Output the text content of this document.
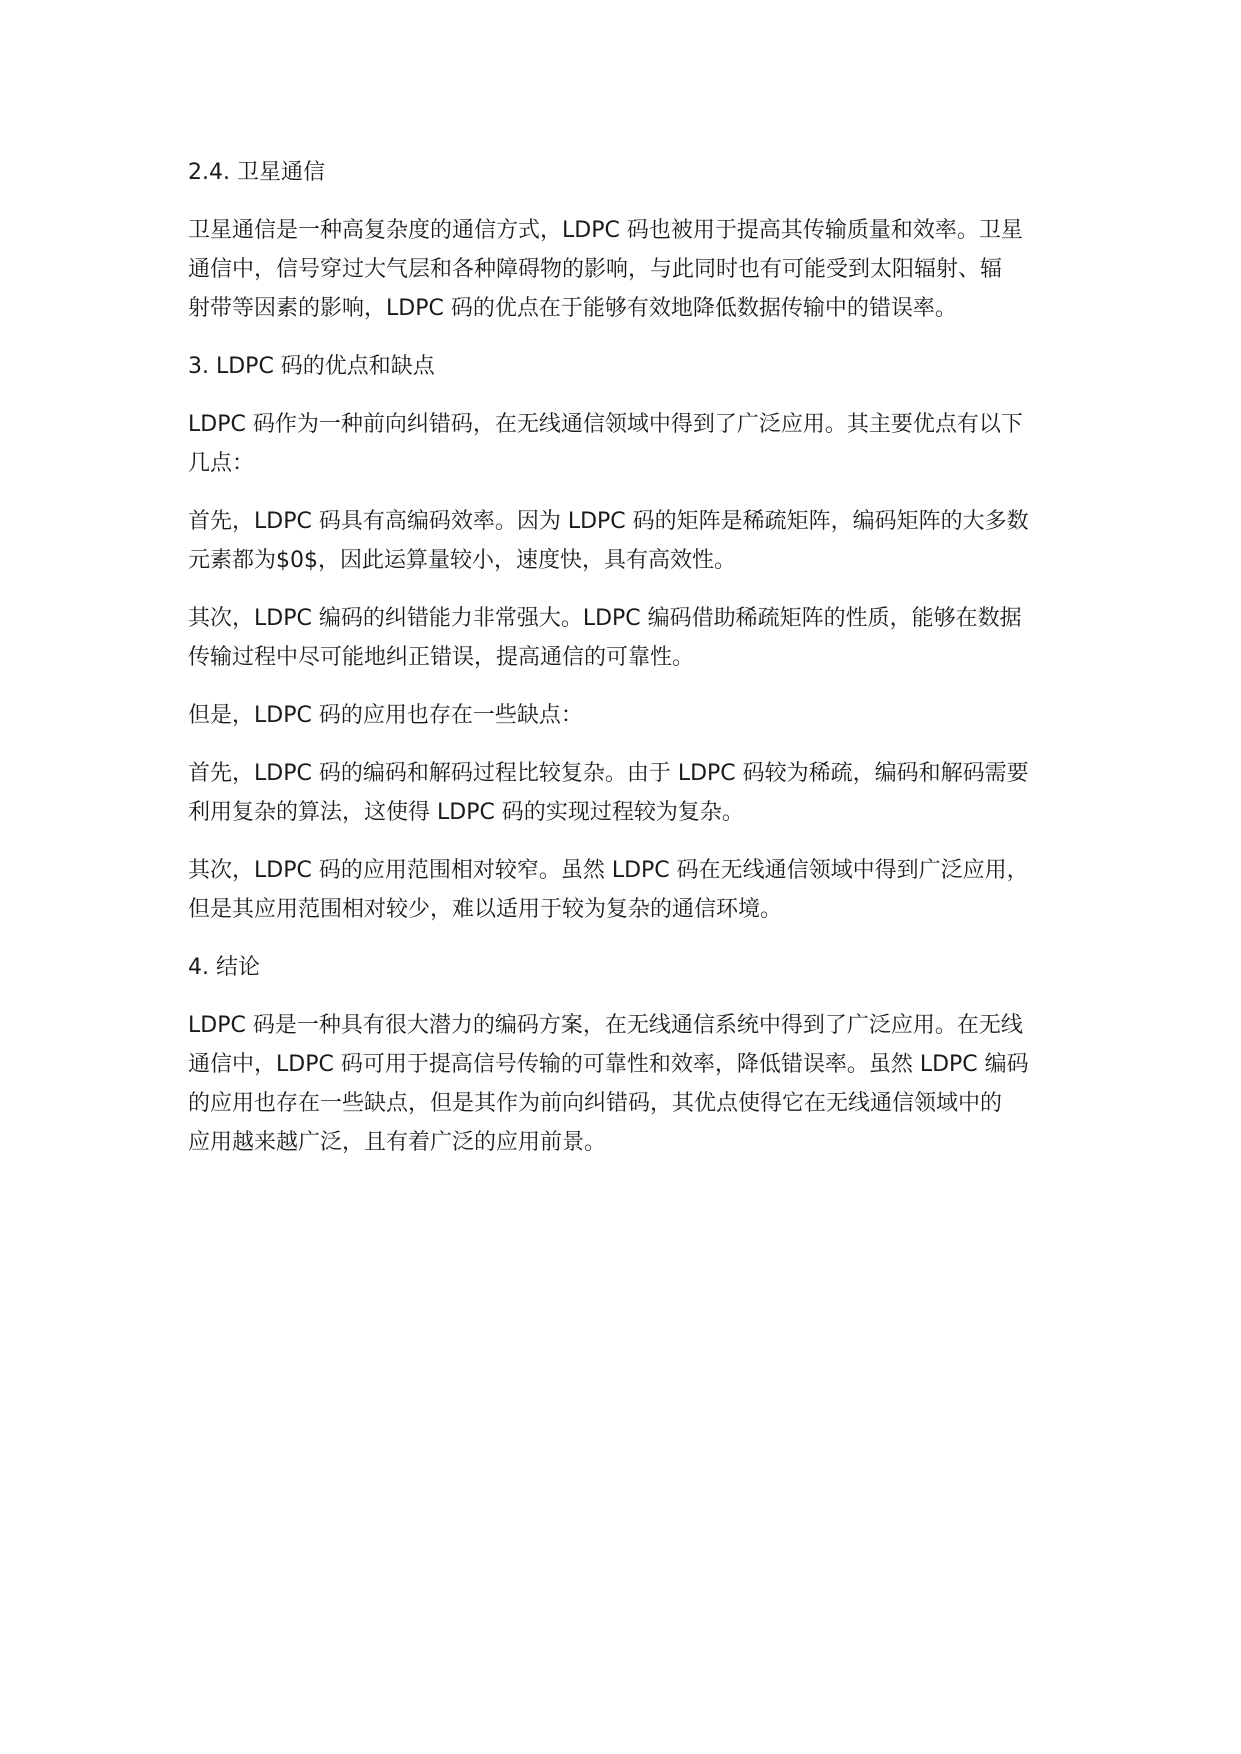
2.4. 卫星通信
卫星通信是一种高复杂度的通信方式，LDPC 码也被用于提高其传输质量和效率。卫星
通信中，信号穿过大气层和各种障碍物的影响，与此同时也有可能受到太阳辐射、辐
射带等因素的影响，LDPC 码的优点在于能够有效地降低数据传输中的错误率。
3. LDPC 码的优点和缺点
LDPC 码作为一种前向纠错码，在无线通信领域中得到了广泛应用。其主要优点有以下
几点：
首先，LDPC 码具有高编码效率。因为 LDPC 码的矩阵是稀疏矩阵，编码矩阵的大多数
元素都为$0$，因此运算量较小，速度快，具有高效性。
其次，LDPC 编码的纠错能力非常强大。LDPC 编码借助稀疏矩阵的性质，能够在数据
传输过程中尽可能地纠正错误，提高通信的可靠性。
但是，LDPC 码的应用也存在一些缺点：
首先，LDPC 码的编码和解码过程比较复杂。由于 LDPC 码较为稀疏，编码和解码需要
利用复杂的算法，这使得 LDPC 码的实现过程较为复杂。
其次，LDPC 码的应用范围相对较窄。虽然 LDPC 码在无线通信领域中得到广泛应用，
但是其应用范围相对较少，难以适用于较为复杂的通信环境。
4. 结论
LDPC 码是一种具有很大潜力的编码方案，在无线通信系统中得到了广泛应用。在无线
通信中，LDPC 码可用于提高信号传输的可靠性和效率，降低错误率。虽然 LDPC 编码
的应用也存在一些缺点，但是其作为前向纠错码，其优点使得它在无线通信领域中的
应用越来越广泛，且有着广泛的应用前景。
